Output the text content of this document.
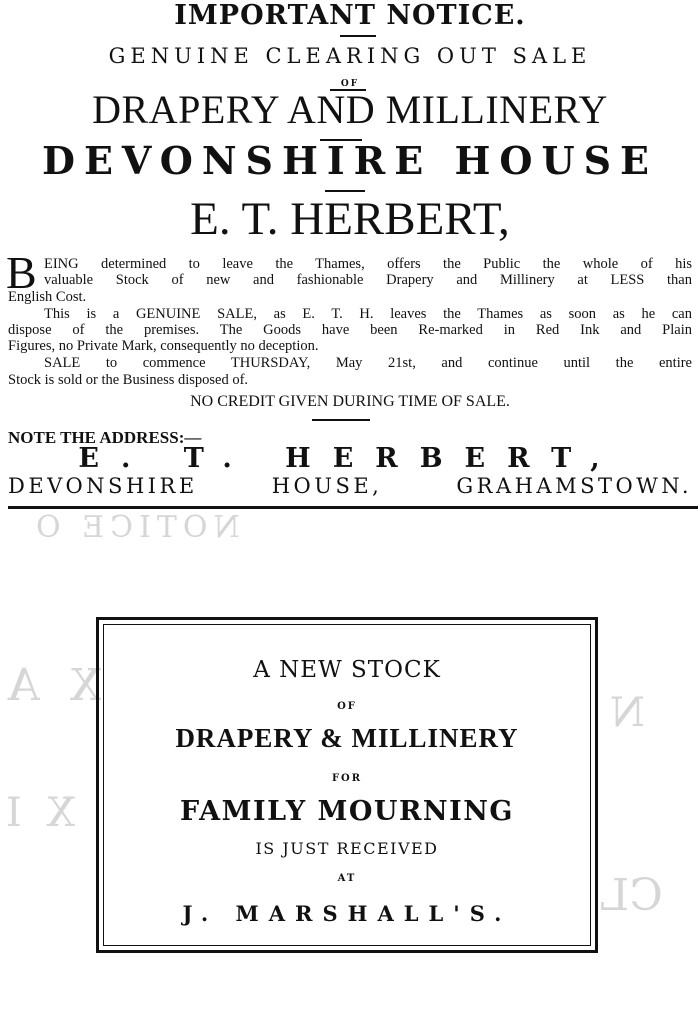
NOTICE O
X A
N
X I
CL
IMPORTANT NOTICE.
GENUINE CLEARING OUT SALE
OF
DRAPERY AND MILLINERY
DEVONSHIRE HOUSE
E. T. HERBERT,
B EING determined to leave the Thames, offers the Public the whole of his
valuable Stock of new and fashionable Drapery and Millinery at LESS than
English Cost.
This is a GENUINE SALE, as E. T. H. leaves the Thames as soon as he can
dispose of the premises. The Goods have been Re-marked in Red Ink and Plain
Figures, no Private Mark, consequently no deception.
SALE to commence THURSDAY, May 21st, and continue until the entire
Stock is sold or the Business disposed of.
NO CREDIT GIVEN DURING TIME OF SALE.
NOTE THE ADDRESS:—
E. T. HERBERT,
DEVONSHIRE HOUSE, GRAHAMSTOWN.
A NEW STOCK
OF
DRAPERY & MILLINERY
FOR
FAMILY MOURNING
IS JUST RECEIVED
AT
J. MARSHALL'S.
